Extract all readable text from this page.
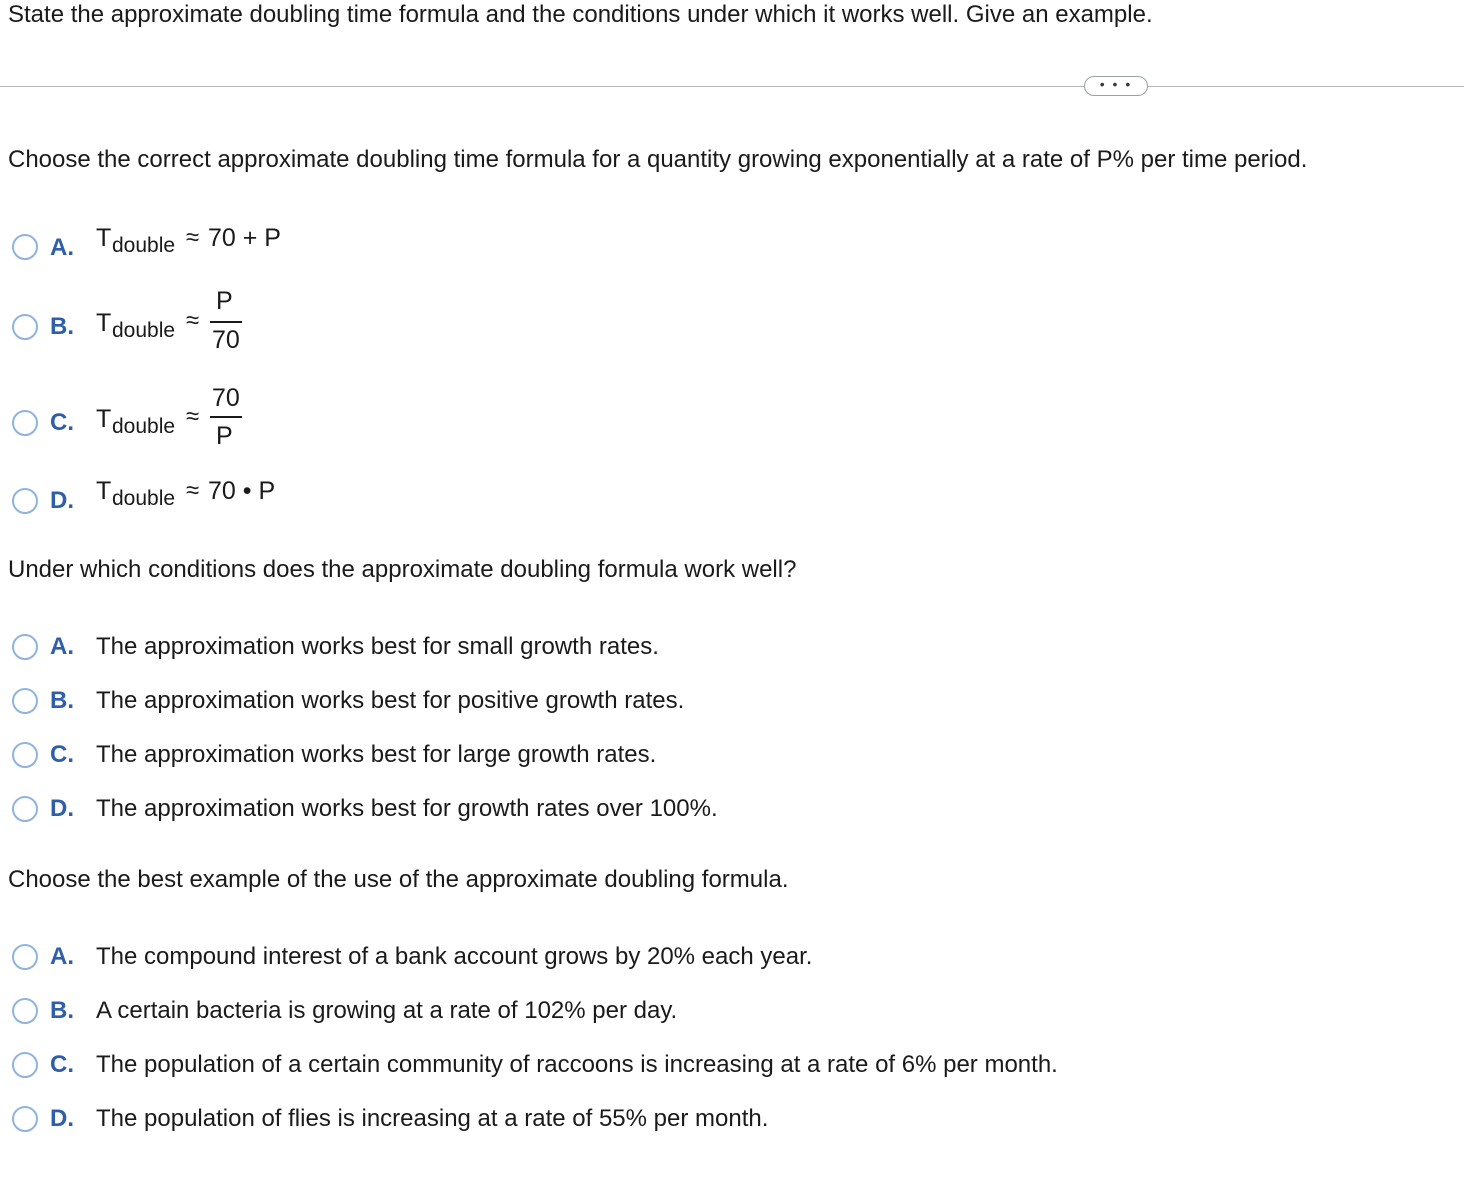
State the approximate doubling time formula and the conditions under which it works well. Give an example.
• • •
Choose the correct approximate doubling time formula for a quantity growing exponentially at a rate of P% per time period.
A. T double ≈ 70 + P
B. T double ≈
P
70
C. T double ≈
70
P
D. T double ≈ 70 • P
Under which conditions does the approximate doubling formula work well?
A. The approximation works best for small growth rates.
B. The approximation works best for positive growth rates.
C. The approximation works best for large growth rates.
D. The approximation works best for growth rates over 100%.
Choose the best example of the use of the approximate doubling formula.
A. The compound interest of a bank account grows by 20% each year.
B. A certain bacteria is growing at a rate of 102% per day.
C. The population of a certain community of raccoons is increasing at a rate of 6% per month.
D. The population of flies is increasing at a rate of 55% per month.
